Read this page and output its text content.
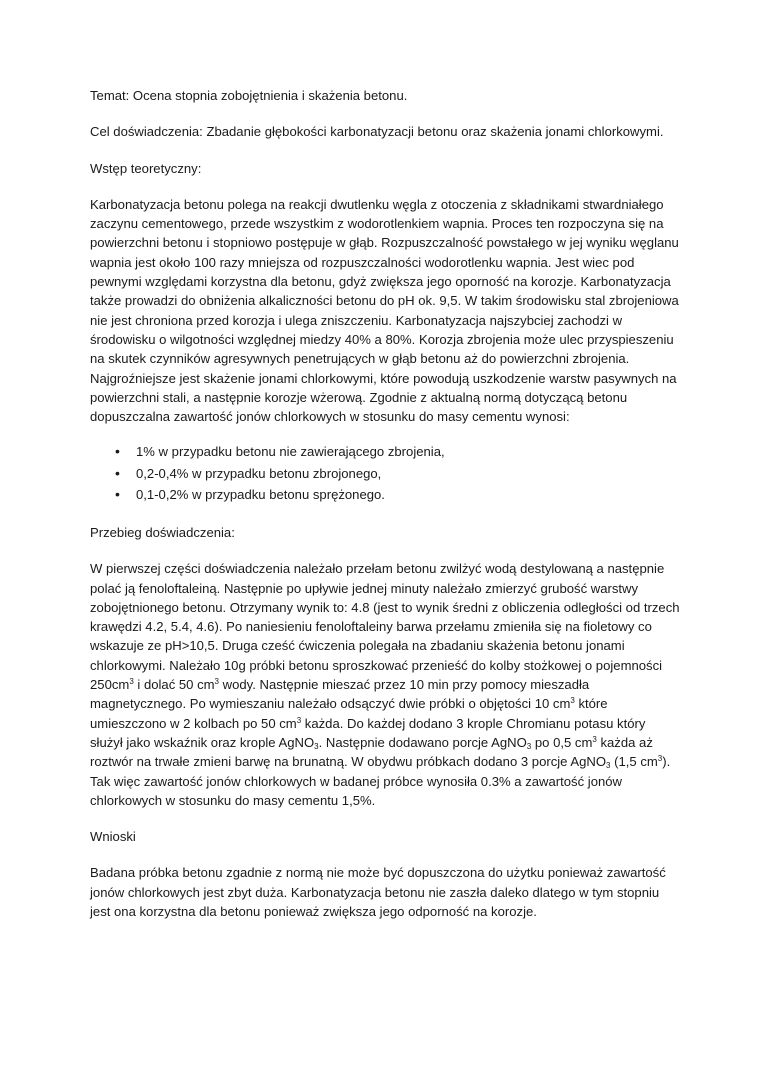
Temat: Ocena stopnia zobojętnienia i skażenia betonu.

Cel doświadczenia: Zbadanie głębokości karbonatyzacji betonu oraz skażenia jonami chlorkowymi.

Wstęp teoretyczny:

Karbonatyzacja betonu polega na reakcji dwutlenku węgla z otoczenia z składnikami stwardniałego zaczynu cementowego, przede wszystkim z wodorotlenkiem wapnia. Proces ten rozpoczyna się na powierzchni betonu i stopniowo postępuje w głąb. Rozpuszczalność powstałego w jej wyniku węglanu wapnia jest około 100 razy mniejsza od rozpuszczalności wodorotlenku wapnia. Jest wiec pod pewnymi względami korzystna dla betonu, gdyż zwiększa jego oporność na korozje. Karbonatyzacja także prowadzi do obniżenia alkaliczności betonu do pH ok. 9,5. W takim środowisku stal zbrojeniowa nie jest chroniona przed korozja i ulega zniszczeniu. Karbonatyzacja najszybciej zachodzi w środowisku o wilgotności względnej miedzy 40% a 80%. Korozja zbrojenia może ulec przyspieszeniu na skutek czynników agresywnych penetrujących w głąb betonu aż do powierzchni zbrojenia. Najgroźniejsze jest skażenie jonami chlorkowymi, które powodują uszkodzenie warstw pasywnych na powierzchni stali, a następnie korozje wżerową. Zgodnie z aktualną normą dotyczącą betonu dopuszczalna zawartość jonów chlorkowych w stosunku do masy cementu wynosi:

• 1% w przypadku betonu nie zawierającego zbrojenia,
• 0,2-0,4% w przypadku betonu zbrojonego,
• 0,1-0,2% w przypadku betonu sprężonego.

Przebieg doświadczenia:

W pierwszej części doświadczenia należało przełam betonu zwilżyć wodą destylowaną a następnie polać ją fenoloftaleiną. Następnie po upływie jednej minuty należało zmierzyć grubość warstwy zobojętnionego betonu. Otrzymany wynik to: 4.8 (jest to wynik średni z obliczenia odległości od trzech krawędzi 4.2, 5.4, 4.6). Po naniesieniu fenoloftaleiny barwa przełamu zmieniła się na fioletowy co wskazuje ze pH>10,5. Druga cześć ćwiczenia polegała na zbadaniu skażenia betonu jonami chlorkowymi. Należało 10g próbki betonu sproszkować przenieść do kolby stożkowej o pojemności $250cm^3$ i dolać 50 $cm^3$ wody. Następnie mieszać przez 10 min przy pomocy mieszadła magnetycznego. Po wymieszaniu należało odsączyć dwie próbki o objętości 10 $cm^3$ które umieszczono w 2 kolbach po 50 $cm^3$ każda. Do każdej dodano 3 krople Chromianu potasu który służył jako wskaźnik oraz krople AgNO$_3$. Następnie dodawano porcje AgNO$_3$ po 0,5 $cm^3$ każda aż roztwór na trwałe zmieni barwę na brunatną. W obydwu próbkach dodano 3 porcje AgNO$_3$ (1,5 $cm^3$). Tak więc zawartość jonów chlorkowych w badanej próbce wynosiła 0.3% a zawartość jonów chlorkowych w stosunku do masy cementu 1,5%.

Wnioski

Badana próbka betonu zgadnie z normą nie może być dopuszczona do użytku ponieważ zawartość jonów chlorkowych jest zbyt duża. Karbonatyzacja betonu nie zaszła daleko dlatego w tym stopniu jest ona korzystna dla betonu ponieważ zwiększa jego odporność na korozje.
